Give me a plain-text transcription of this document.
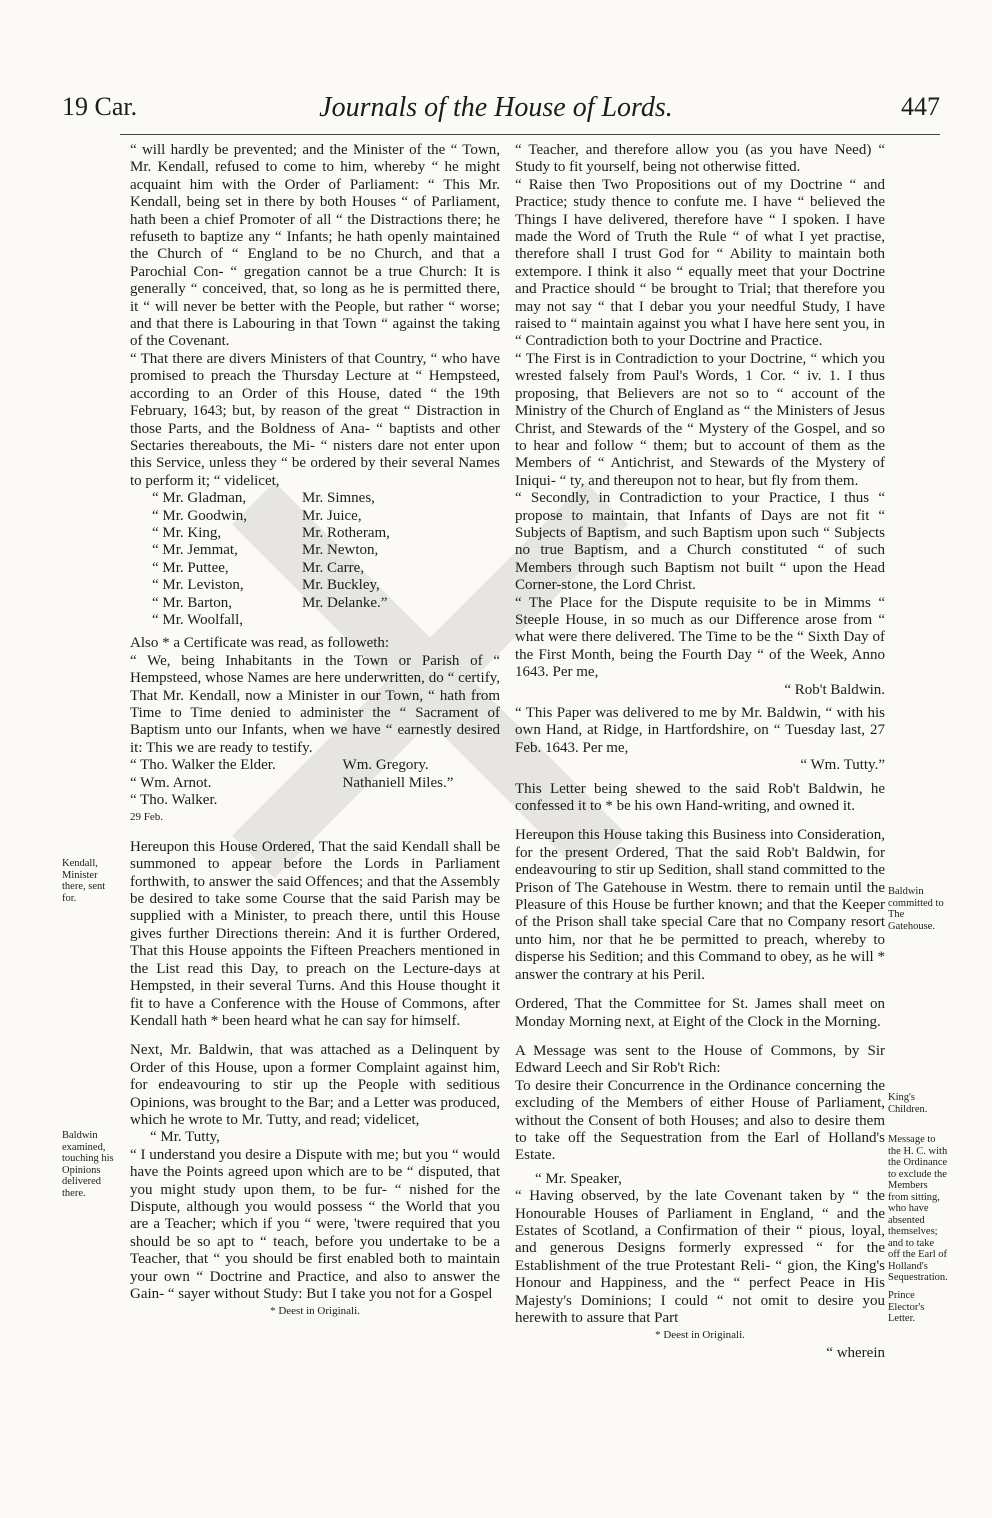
19 Car.	Journals of the House of Lords.	447

“ will hardly be prevented; and the Minister of the “ Town, Mr. Kendall, refused to come to him, whereby “ he might acquaint him with the Order of Parliament: “ This Mr. Kendall, being set in there by both Houses “ of Parliament, hath been a chief Promoter of all “ the Distractions there; he refuseth to baptize any “ Infants; he hath openly maintained the Church of “ England to be no Church, and that a Parochial Con- “ gregation cannot be a true Church: It is generally “ conceived, that, so long as he is permitted there, it “ will never be better with the People, but rather “ worse; and that there is Labouring in that Town “ against the taking of the Covenant.

“ That there are divers Ministers of that Country, “ who have promised to preach the Thursday Lecture at “ Hempsteed, according to an Order of this House, dated “ the 19th February, 1643; but, by reason of the great “ Distraction in those Parts, and the Boldness of Ana- “ baptists and other Sectaries thereabouts, the Mi- “ nisters dare not enter upon this Service, unless they “ be ordered by their several Names to perform it; “ videlicet,

“ Mr. Gladman,	Mr. Simnes,
“ Mr. Goodwin,	Mr. Juice,
“ Mr. King,	Mr. Rotheram,
“ Mr. Jemmat,	Mr. Newton,
“ Mr. Puttee,	Mr. Carre,
“ Mr. Leviston,	Mr. Buckley,
“ Mr. Barton,	Mr. Delanke.”
“ Mr. Woolfall,

Also * a Certificate was read, as followeth:

“ We, being Inhabitants in the Town or Parish of “ Hempsteed, whose Names are here underwritten, do “ certify, That Mr. Kendall, now a Minister in our Town, “ hath from Time to Time denied to administer the “ Sacrament of Baptism unto our Infants, when we have “ earnestly desired it: This we are ready to testify.

“ Tho. Walker the Elder.	Wm. Gregory.
“ Wm. Arnot.	Nathaniell Miles.”
“ Tho. Walker.

29 Feb.

Hereupon this House Ordered, That the said Kendall shall be summoned to appear before the Lords in Parliament forthwith, to answer the said Offences; and that the Assembly be desired to take some Course that the said Parish may be supplied with a Minister, to preach there, until this House gives further Directions therein: And it is further Ordered, That this House appoints the Fifteen Preachers mentioned in the List read this Day, to preach on the Lecture-days at Hempsted, in their several Turns. And this House thought it fit to have a Conference with the House of Commons, after Kendall hath * been heard what he can say for himself.

Next, Mr. Baldwin, that was attached as a Delinquent by Order of this House, upon a former Complaint against him, for endeavouring to stir up the People with seditious Opinions, was brought to the Bar; and a Letter was produced, which he wrote to Mr. Tutty, and read; videlicet,

“ Mr. Tutty,

“ I understand you desire a Dispute with me; but you “ would have the Points agreed upon which are to be “ disputed, that you might study upon them, to be fur- “ nished for the Dispute, although you would possess “ the World that you are a Teacher; which if you “ were, 'twere required that you should be so apt to “ teach, before you undertake to be a Teacher, that “ you should be first enabled both to maintain your own “ Doctrine and Practice, and also to answer the Gain- “ sayer without Study: But I take you not for a Gospel

* Deest in Originali.

“ Teacher, and therefore allow you (as you have Need) “ Study to fit yourself, being not otherwise fitted.

“ Raise then Two Propositions out of my Doctrine “ and Practice; study thence to confute me. I have “ believed the Things I have delivered, therefore have “ I spoken. I have made the Word of Truth the Rule “ of what I yet practise, therefore shall I trust God for “ Ability to maintain both extempore. I think it also “ equally meet that your Doctrine and Practice should “ be brought to Trial; that therefore you may not say “ that I debar you your needful Study, I have raised to “ maintain against you what I have here sent you, in “ Contradiction both to your Doctrine and Practice.

“ The First is in Contradiction to your Doctrine, “ which you wrested falsely from Paul's Words, 1 Cor. “ iv. 1. I thus proposing, that Believers are not so to “ account of the Ministry of the Church of England as “ the Ministers of Jesus Christ, and Stewards of the “ Mystery of the Gospel, and so to hear and follow “ them; but to account of them as the Members of “ Antichrist, and Stewards of the Mystery of Iniqui- “ ty, and thereupon not to hear, but fly from them.

“ Secondly, in Contradiction to your Practice, I thus “ propose to maintain, that Infants of Days are not fit “ Subjects of Baptism, and such Baptism upon such “ Subjects no true Baptism, and a Church constituted “ of such Members through such Baptism not built “ upon the Head Corner-stone, the Lord Christ.

“ The Place for the Dispute requisite to be in Mimms “ Steeple House, in so much as our Difference arose from “ what were there delivered. The Time to be the “ Sixth Day of the First Month, being the Fourth Day “ of the Week, Anno 1643. Per me,

“ Rob't Baldwin.

“ This Paper was delivered to me by Mr. Baldwin, “ with his own Hand, at Ridge, in Hartfordshire, on “ Tuesday last, 27 Feb. 1643. Per me,

“ Wm. Tutty.”

This Letter being shewed to the said Rob't Baldwin, he confessed it to * be his own Hand-writing, and owned it.

Hereupon this House taking this Business into Consideration, for the present Ordered, That the said Rob't Baldwin, for endeavouring to stir up Sedition, shall stand committed to the Prison of The Gatehouse in Westm. there to remain until the Pleasure of this House be further known; and that the Keeper of the Prison shall take special Care that no Company resort unto him, nor that he be permitted to preach, whereby to disperse his Sedition; and this Command to obey, as he will * answer the contrary at his Peril.

Ordered, That the Committee for St. James shall meet on Monday Morning next, at Eight of the Clock in the Morning.

A Message was sent to the House of Commons, by Sir Edward Leech and Sir Rob't Rich:

To desire their Concurrence in the Ordinance concerning the excluding of the Members of either House of Parliament, without the Consent of both Houses; and also to desire them to take off the Sequestration from the Earl of Holland's Estate.

“ Mr. Speaker,

“ Having observed, by the late Covenant taken by “ the Honourable Houses of Parliament in England, “ and the Estates of Scotland, a Confirmation of their “ pious, loyal, and generous Designs formerly expressed “ for the Establishment of the true Protestant Reli- “ gion, the King's Honour and Happiness, and the “ perfect Peace in His Majesty's Dominions; I could “ not omit to desire you herewith to assure that Part

* Deest in Originali.

“ wherein

Kendall, Minister there, sent for.
Baldwin examined, touching his Opinions delivered there.
Baldwin committed to The Gatehouse.
King's Children.
Message to the H. C. with the Ordinance to exclude the Members from sitting, who have absented themselves; and to take off the Earl of Holland's Sequestration.
Prince Elector's Letter.
